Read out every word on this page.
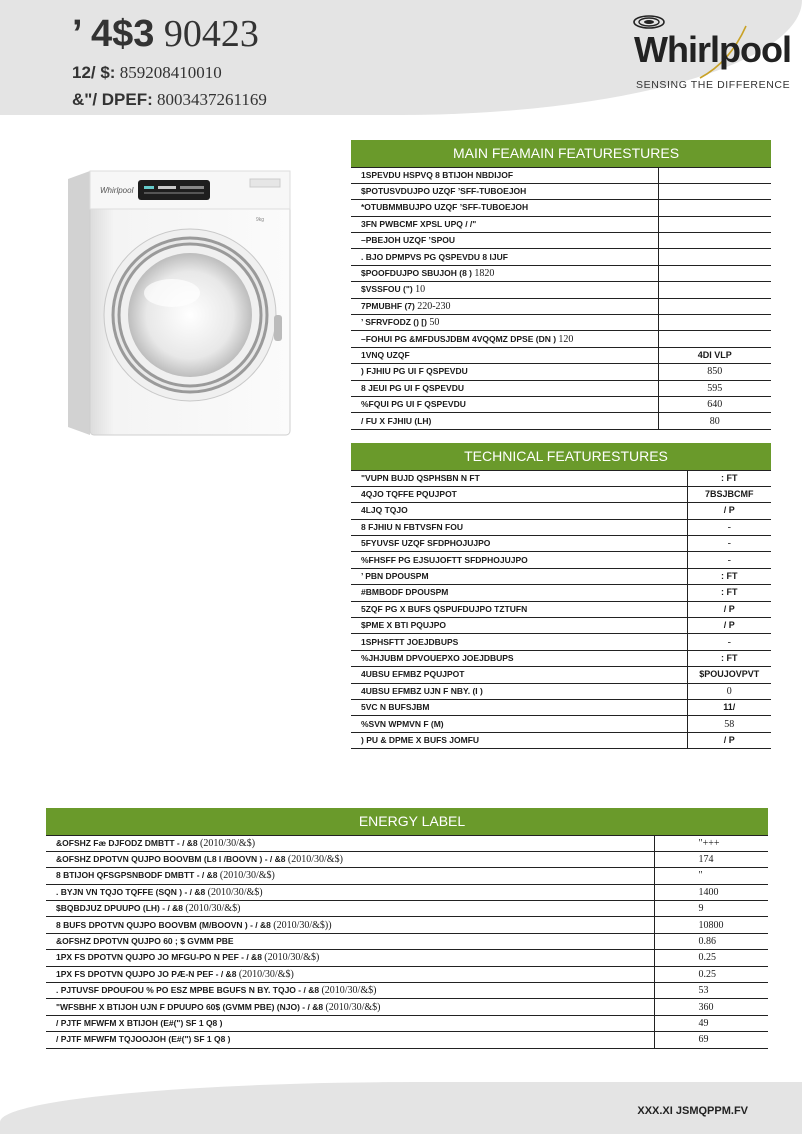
’ 4$3 90423
12/ $: 859208410010
&"/ DPEF: 8003437261169
Whirlpool
SENSING THE DIFFERENCE
Whirlpool
9kg
MAIN FEAMAIN FEATURESTURES	
1SPEVDU HSPVQ 8 BTIJOH NBDIJOF	
$POTUSVDUJPO UZQF ’SFF-TUBOEJOH	
*OTUBMMBUJPO UZQF ’SFF-TUBOEJOH	
3FN PWBCMF XPSL UPQ / /"	
–PBEJOH UZQF ’SPOU	
. BJO DPMPVS PG QSPEVDU 8 IJUF	
$POOFDUJPO SBUJOH (8 ) 1820	
$VSSFOU (") 10	
7PMUBHF (7) 220-230	
’ SFRVFODZ () [) 50	
–FOHUI PG &MFDUSJDBM 4VQQMZ DPSE (DN ) 120	
1VNQ UZQF	4DI VLP
) FJHIU PG UI F QSPEVDU	850
8 JEUI PG UI F QSPEVDU	595
%FQUI PG UI F QSPEVDU	640
/ FU X FJHIU (LH)	80
TECHNICAL FEATURESTURES	
"VUPN BUJD QSPHSBN N FT	: FT
4QJO TQFFE PQUJPOT	7BSJBCMF
4LJQ TQJO	/ P
8 FJHIU N FBTVSFN FOU	-
5FYUVSF UZQF SFDPHOJUJPO	-
%FHSFF PG EJSUJOFTT SFDPHOJUJPO	-
’ PBN DPOUSPM	: FT
#BMBODF DPOUSPM	: FT
5ZQF PG X BUFS QSPUFDUJPO TZTUFN	/ P
$PME X BTI PQUJPO	/ P
1SPHSFTT JOEJDBUPS	-
%JHJUBM DPVOUEPXO JOEJDBUPS	: FT
4UBSU EFMBZ PQUJPOT	$POUJOVPVT
4UBSU EFMBZ UJN F NBY. (I )	0
5VC N BUFSJBM	11/
%SVN WPMVN F (M)	58
) PU & DPME X BUFS JOMFU	/ P
ENERGY LABEL	
&OFSHZ Fæ DJFODZ DMBTT - / &8 (2010/30/&$)	"+++
&OFSHZ DPOTVN QUJPO BOOVBM (L8 I /BOOVN ) - / &8 (2010/30/&$)	174
8 BTIJOH QFSGPSNBODF DMBTT - / &8 (2010/30/&$)	"
. BYJN VN TQJO TQFFE (SQN ) - / &8 (2010/30/&$)	1400
$BQBDJUZ DPUUPO (LH) - / &8 (2010/30/&$)	9
8 BUFS DPOTVN QUJPO BOOVBM (M/BOOVN ) - / &8 (2010/30/&$))	10800
&OFSHZ DPOTVN QUJPO 60 ; $ GVMM PBE	0.86
1PX FS DPOTVN QUJPO JO MFGU-PO N PEF - / &8 (2010/30/&$)	0.25
1PX FS DPOTVN QUJPO JO PÆ-N PEF - / &8 (2010/30/&$)	0.25
. PJTUVSF DPOUFOU % PO ESZ MPBE BGUFS N BY. TQJO - / &8 (2010/30/&$)	53
"WFSBHF X BTIJOH UJN F DPUUPO 60$ (GVMM PBE) (NJO) - / &8 (2010/30/&$)	360
/ PJTF MFWFM X BTIJOH (E#(") SF 1 Q8 )	49
/ PJTF MFWFM TQJOOJOH (E#(") SF 1 Q8 )	69
XXX.XI JSMQPPM.FV
